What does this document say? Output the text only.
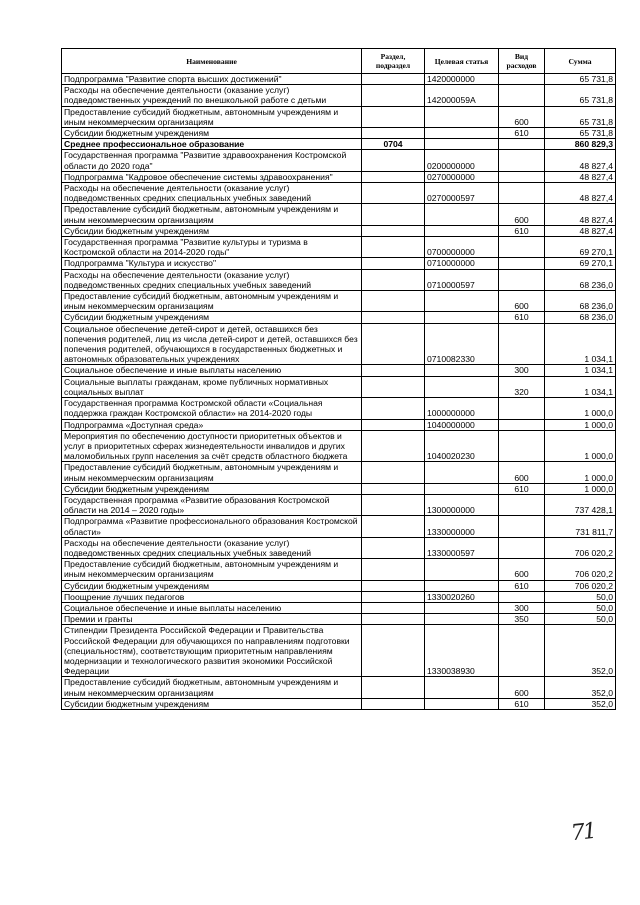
Наименование	Раздел, подраздел	Целевая статья	Вид расходов	Сумма
Подпрограмма "Развитие спорта высших достижений"		1420000000		65 731,8
Расходы на обеспечение деятельности (оказание услуг) подведомственных учреждений по внешкольной работе с детьми		142000059А		65 731,8
Предоставление субсидий бюджетным, автономным учреждениям и иным некоммерческим организациям			600	65 731,8
Субсидии бюджетным учреждениям			610	65 731,8
Среднее профессиональное образование	0704			860 829,3
Государственная программа "Развитие здравоохранения Костромской области до 2020 года"		0200000000		48 827,4
Подпрограмма "Кадровое обеспечение системы здравоохранения"		0270000000		48 827,4
Расходы на обеспечение деятельности (оказание услуг) подведомственных средних специальных учебных заведений		0270000597		48 827,4
Предоставление субсидий бюджетным, автономным учреждениям и иным некоммерческим организациям			600	48 827,4
Субсидии бюджетным учреждениям			610	48 827,4
Государственная программа "Развитие культуры и туризма в Костромской области на 2014-2020 годы"		0700000000		69 270,1
Подпрограмма "Культура и искусство"		0710000000		69 270,1
Расходы на обеспечение деятельности (оказание услуг) подведомственных средних специальных учебных заведений		0710000597		68 236,0
Предоставление субсидий бюджетным, автономным учреждениям и иным некоммерческим организациям			600	68 236,0
Субсидии бюджетным учреждениям			610	68 236,0
Социальное обеспечение детей-сирот и детей, оставшихся без попечения родителей, лиц из числа детей-сирот и детей, оставшихся без попечения родителей, обучающихся в государственных бюджетных и автономных образовательных учреждениях		0710082330		1 034,1
Социальное обеспечение и иные выплаты населению			300	1 034,1
Социальные выплаты гражданам, кроме публичных нормативных социальных выплат			320	1 034,1
Государственная программа Костромской области «Социальная поддержка граждан Костромской области» на 2014-2020 годы		1000000000		1 000,0
Подпрограмма «Доступная среда»		1040000000		1 000,0
Мероприятия по обеспечению доступности приоритетных объектов и услуг в приоритетных сферах жизнедеятельности инвалидов и других маломобильных групп населения за счёт средств областного бюджета		1040020230		1 000,0
Предоставление субсидий бюджетным, автономным учреждениям и иным некоммерческим организациям			600	1 000,0
Субсидии бюджетным учреждениям			610	1 000,0
Государственная программа «Развитие образования Костромской области на 2014 – 2020 годы»		1300000000		737 428,1
Подпрограмма «Развитие профессионального образования Костромской области»		1330000000		731 811,7
Расходы на обеспечение деятельности (оказание услуг) подведомственных средних специальных учебных заведений		1330000597		706 020,2
Предоставление субсидий бюджетным, автономным учреждениям и иным некоммерческим организациям			600	706 020,2
Субсидии бюджетным учреждениям			610	706 020,2
Поощрение лучших педагогов		1330020260		50,0
Социальное обеспечение и иные выплаты населению			300	50,0
Премии и гранты			350	50,0
Стипендии Президента Российской Федерации и Правительства Российской Федерации для обучающихся по направлениям подготовки (специальностям), соответствующим приоритетным направлениям модернизации и технологического развития экономики Российской Федерации		1330038930		352,0
Предоставление субсидий бюджетным, автономным учреждениям и иным некоммерческим организациям			600	352,0
Субсидии бюджетным учреждениям			610	352,0
71
